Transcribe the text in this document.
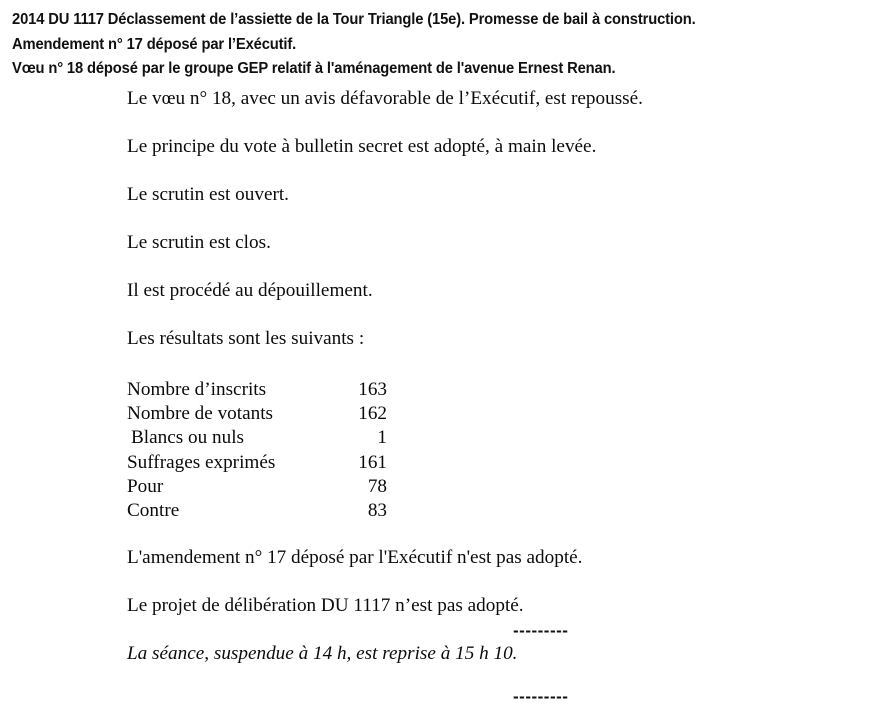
2014 DU 1117 Déclassement de l’assiette de la Tour Triangle (15e). Promesse de bail à construction.
Amendement n° 17 déposé par l’Exécutif.
Vœu n° 18 déposé par le groupe GEP relatif à l'aménagement de l'avenue Ernest Renan.
Le vœu n° 18, avec un avis défavorable de l’Exécutif, est repoussé.
Le principe du vote à bulletin secret est adopté, à main levée.
Le scrutin est ouvert.
Le scrutin est clos.
Il est procédé au dépouillement.
Les résultats sont les suivants :
Nombre d’inscrits	163
Nombre de votants	162
Blancs ou nuls	1
Suffrages exprimés	161
Pour	78
Contre	83
L'amendement n° 17 déposé par l'Exécutif n'est pas adopté.
Le projet de délibération DU 1117 n’est pas adopté.
La séance, suspendue à 14 h, est reprise à 15 h 10.
---------
---------
